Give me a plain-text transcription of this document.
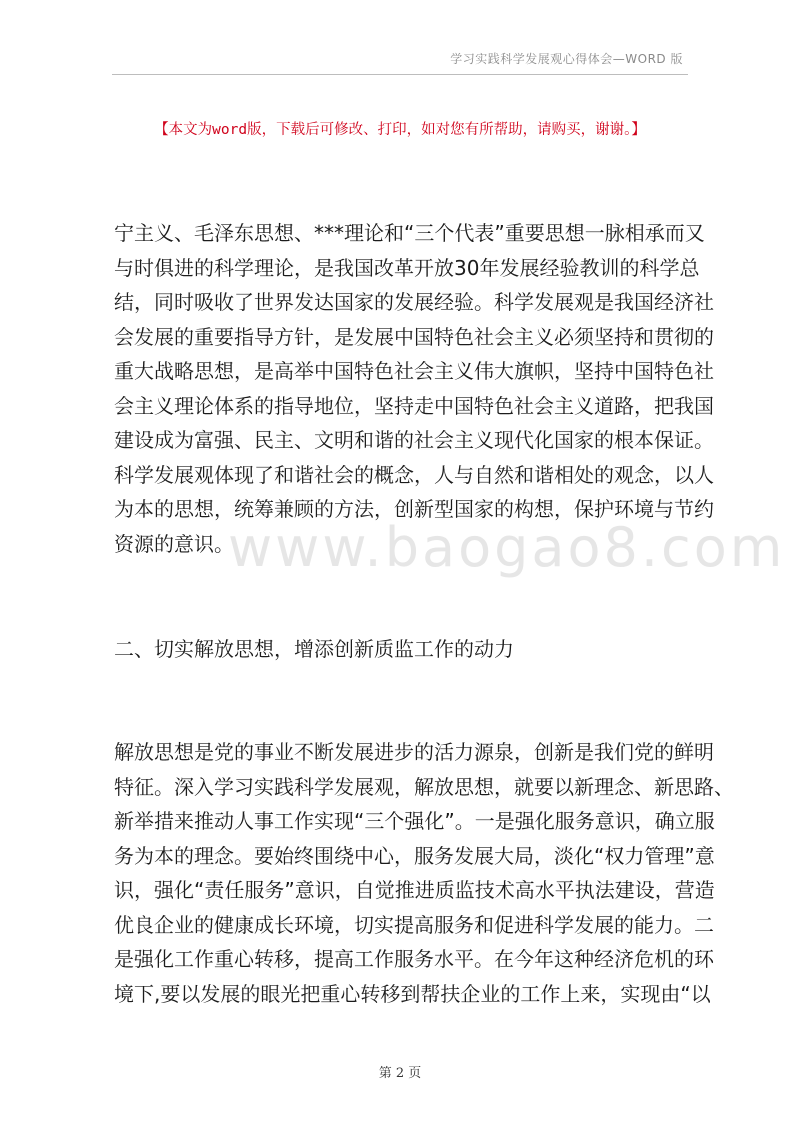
学习实践科学发展观心得体会—WORD 版
【本文为word版，下载后可修改、打印，如对您有所帮助，请购买，谢谢。】
宁主义、毛泽东思想、***理论和“三个代表”重要思想一脉相承而又
与时俱进的科学理论，是我国改革开放30年发展经验教训的科学总
结，同时吸收了世界发达国家的发展经验。科学发展观是我国经济社
会发展的重要指导方针，是发展中国特色社会主义必须坚持和贯彻的
重大战略思想，是高举中国特色社会主义伟大旗帜，坚持中国特色社
会主义理论体系的指导地位，坚持走中国特色社会主义道路，把我国
建设成为富强、民主、文明和谐的社会主义现代化国家的根本保证。
科学发展观体现了和谐社会的概念，人与自然和谐相处的观念，以人
为本的思想，统筹兼顾的方法，创新型国家的构想，保护环境与节约
资源的意识。
www.baogao8.com
二、切实解放思想，增添创新质监工作的动力
解放思想是党的事业不断发展进步的活力源泉，创新是我们党的鲜明
特征。深入学习实践科学发展观，解放思想，就要以新理念、新思路、
新举措来推动人事工作实现“三个强化”。一是强化服务意识，确立服
务为本的理念。要始终围绕中心，服务发展大局，淡化“权力管理”意
识，强化“责任服务”意识，自觉推进质监技术高水平执法建设，营造
优良企业的健康成长环境，切实提高服务和促进科学发展的能力。二
是强化工作重心转移，提高工作服务水平。在今年这种经济危机的环
境下,要以发展的眼光把重心转移到帮扶企业的工作上来，实现由“以
第 2 页
